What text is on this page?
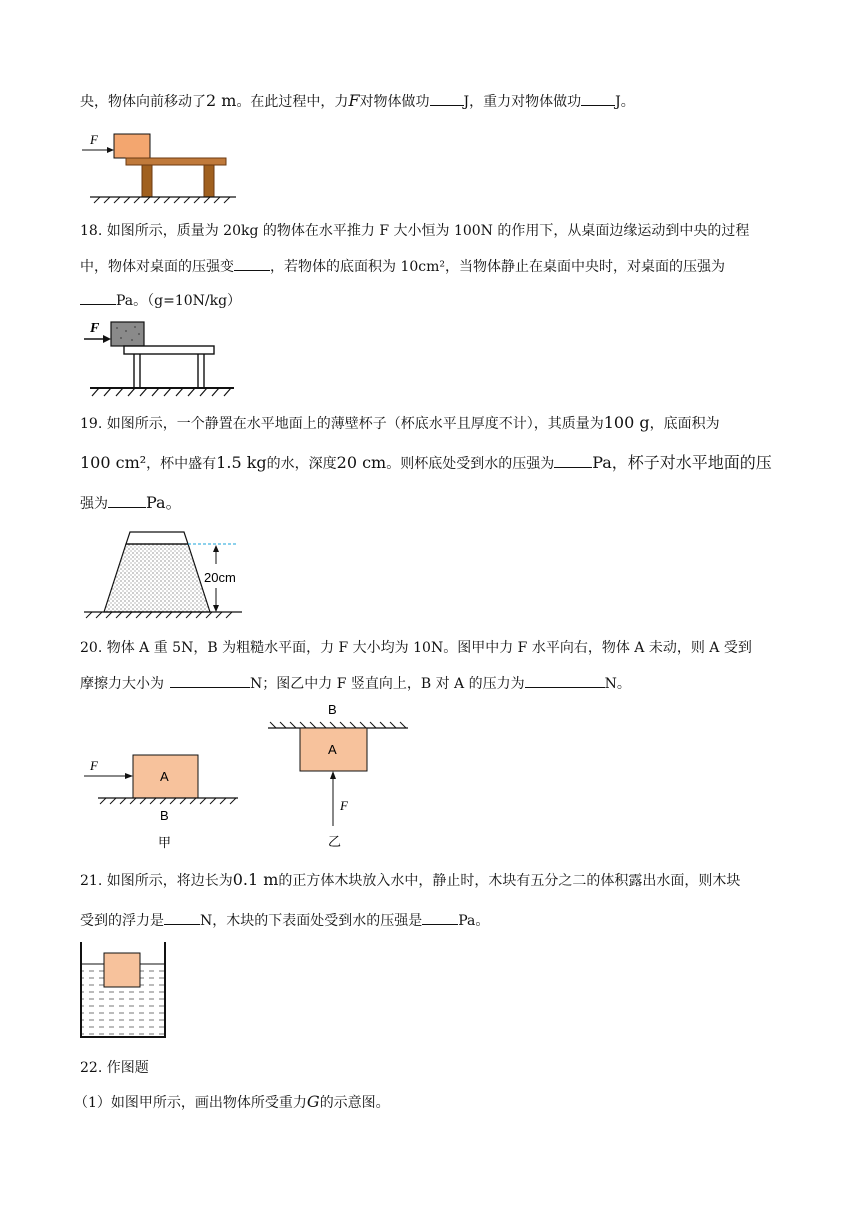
央，物体向前移动了2 m。在此过程中，力F对物体做功 J，重力对物体做功 J。
F
18. 如图所示，质量为 20kg 的物体在水平推力 F 大小恒为 100N 的作用下，从桌面边缘运动到中央的过程
中，物体对桌面的压强变	，若物体的底面积为 10cm²，当物体静止在桌面中央时，对桌面的压强为
Pa。（g=10N/kg）
F
19. 如图所示，一个静置在水平地面上的薄壁杯子（杯底水平且厚度不计），其质量为100 g，底面积为
100 cm²，杯中盛有1.5 kg的水，深度20 cm。则杯底处受到水的压强为 Pa，杯子对水平地面的压
强为 Pa。
20cm
20. 物体 A 重 5N，B 为粗糙水平面，力 F 大小均为 10N。图甲中力 F 水平向右，物体 A 未动，则 A 受到
摩擦力大小为	N；图乙中力 F 竖直向上，B 对 A 的压力为	N。
F
A
B
甲
B
A
F
乙
21. 如图所示，将边长为0.1 m的正方体木块放入水中，静止时，木块有五分之二的体积露出水面，则木块
受到的浮力是	N，木块的下表面处受到水的压强是	Pa。
22. 作图题
（1）如图甲所示，画出物体所受重力G的示意图。
